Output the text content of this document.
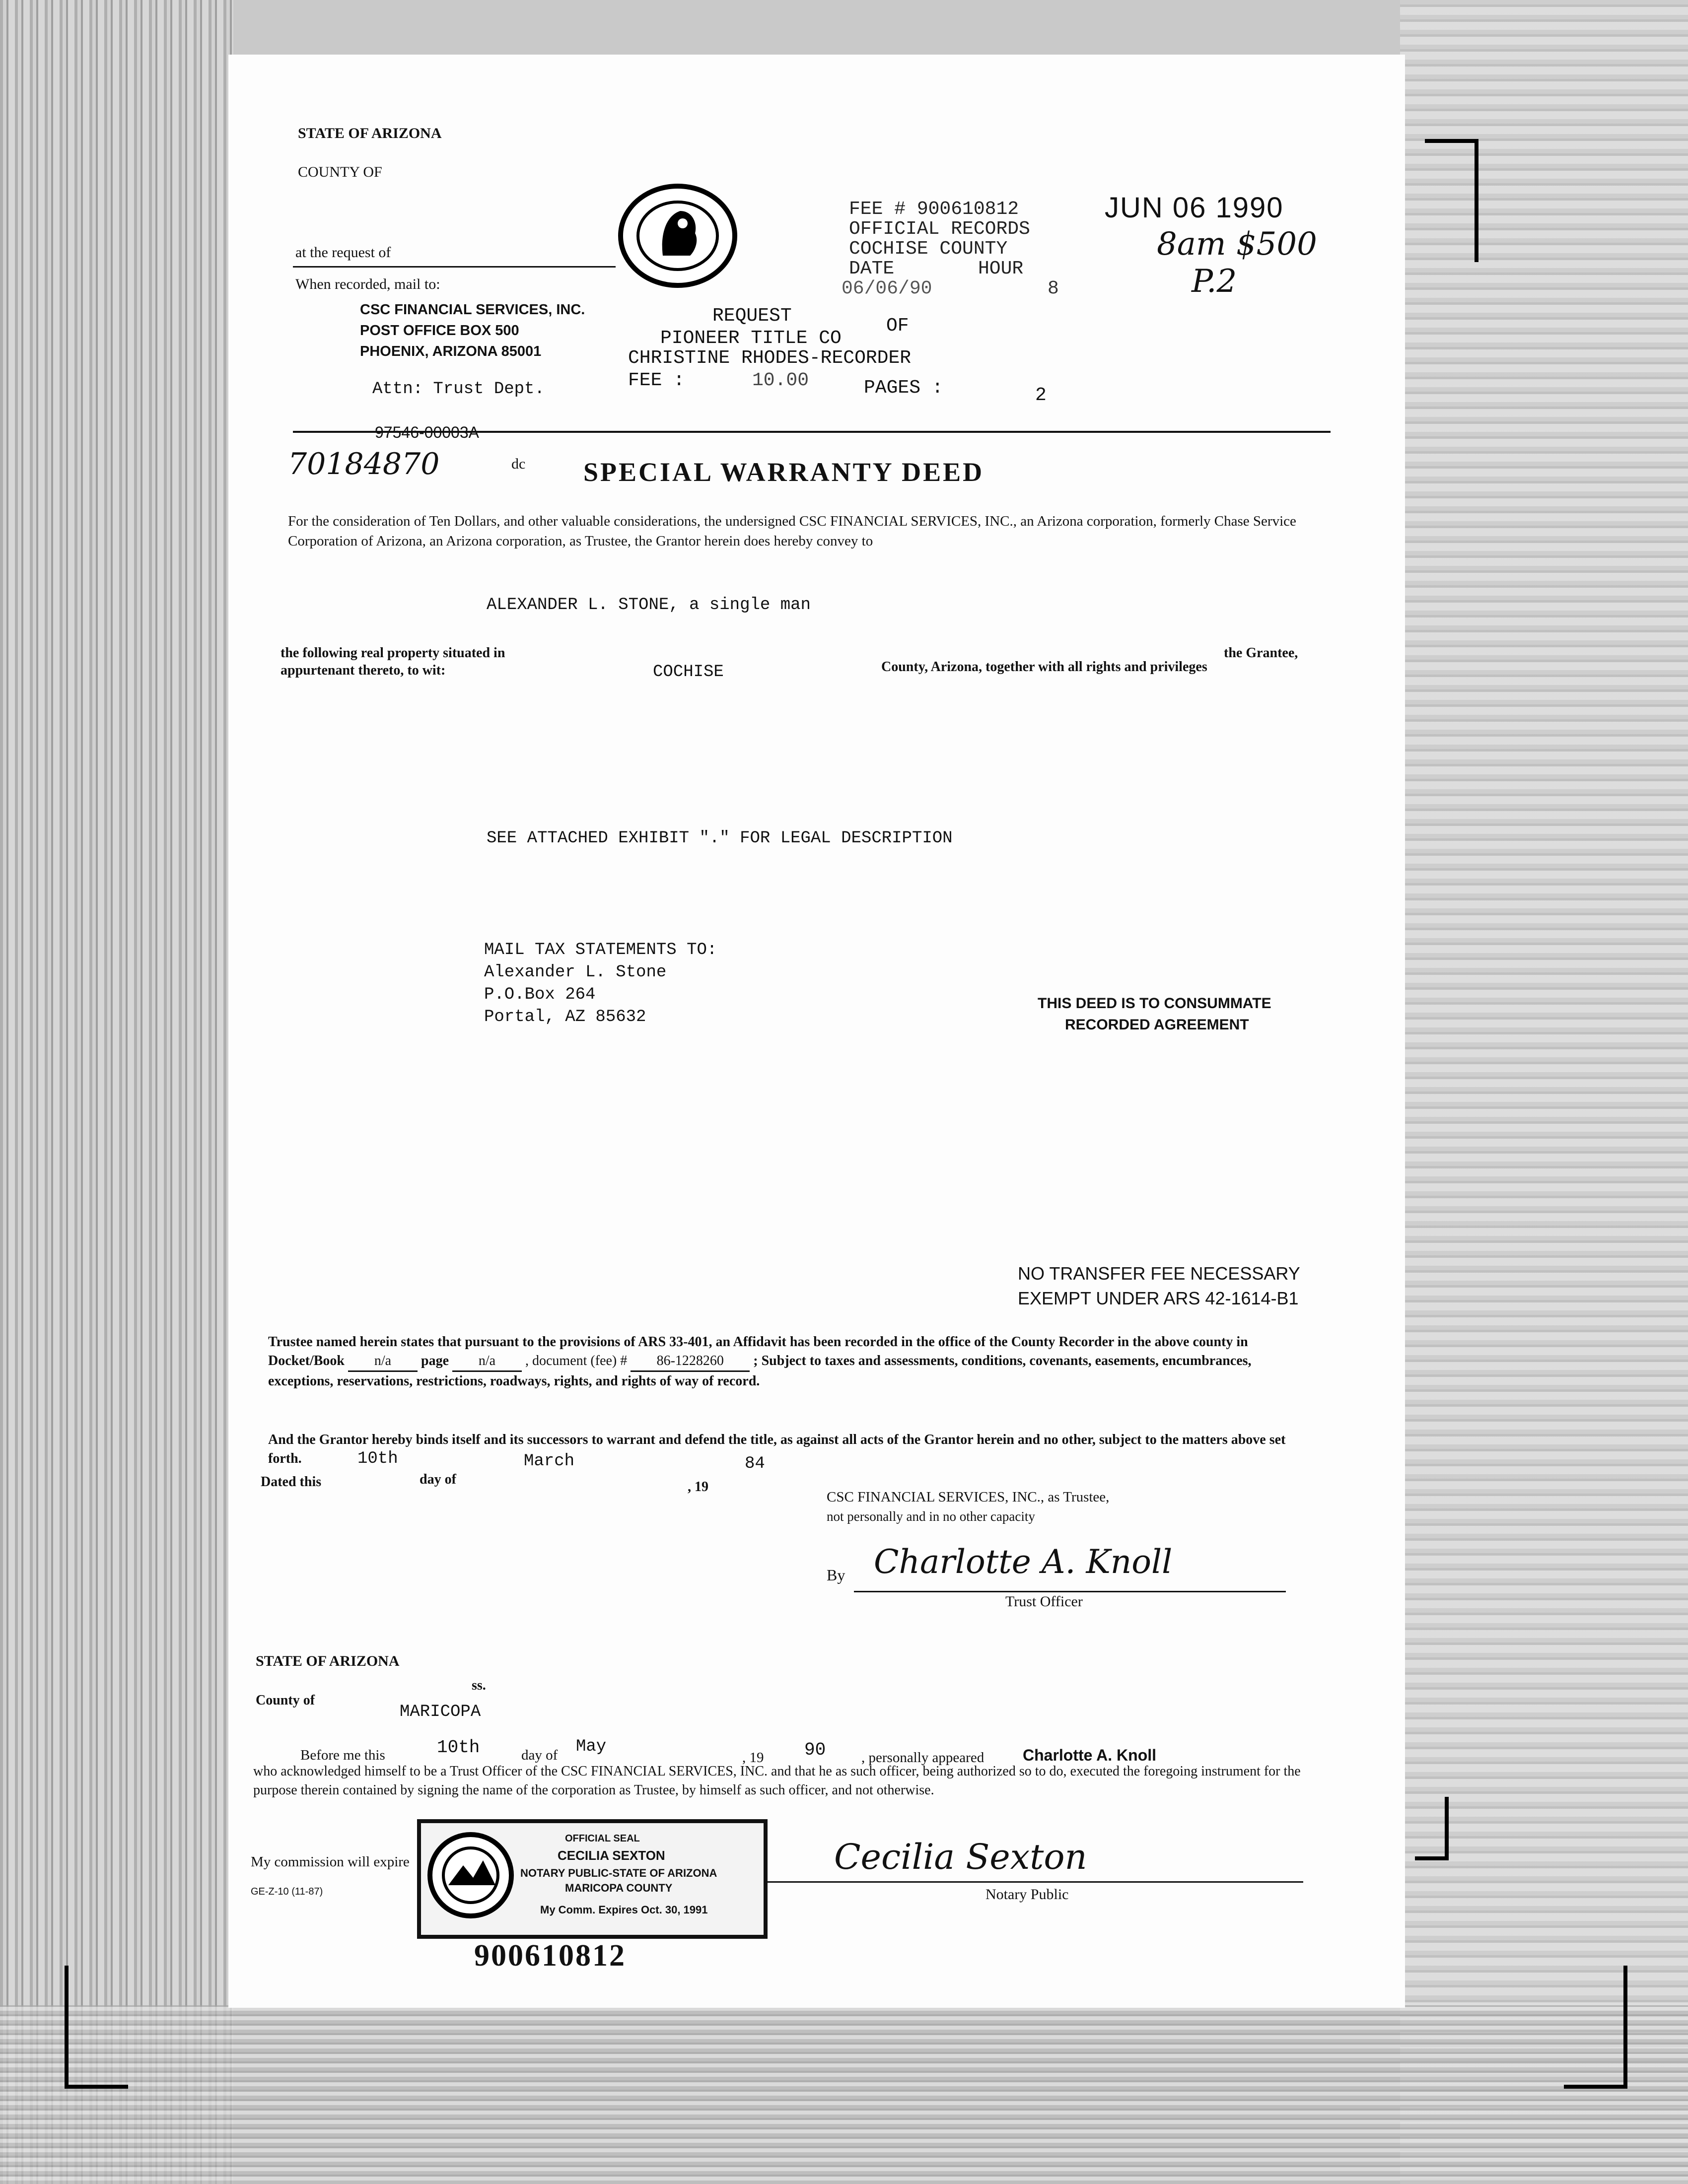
STATE OF ARIZONA
COUNTY OF
at the request of
When recorded, mail to:
CSC FINANCIAL SERVICES, INC.
POST OFFICE BOX 500
PHOENIX, ARIZONA 85001
Attn: Trust Dept.
FEE # 900610812
OFFICIAL RECORDS
COCHISE COUNTY
DATE	HOUR
06/06/90	8
REQUEST	OF
PIONEER TITLE CO
CHRISTINE RHODES-RECORDER
FEE :	10.00	PAGES :	2
JUN 06 1990
8am $500
P.2
97546-00003A
70184870	dc SPECIAL WARRANTY DEED
For the consideration of Ten Dollars, and other valuable considerations, the undersigned CSC FINANCIAL SERVICES, INC., an Arizona corporation, formerly Chase Service Corporation of Arizona, an Arizona corporation, as Trustee, the Grantor herein does hereby convey to
ALEXANDER L. STONE, a single man
the following real property situated in
appurtenant thereto, to wit:	COCHISE
the Grantee,
County, Arizona, together with all rights and privileges
SEE ATTACHED EXHIBIT "." FOR LEGAL DESCRIPTION
MAIL TAX STATEMENTS TO:
Alexander L. Stone
P.O.Box 264
Portal, AZ 85632
THIS DEED IS TO CONSUMMATE
RECORDED AGREEMENT
NO TRANSFER FEE NECESSARY
EXEMPT UNDER ARS 42-1614-B1
Trustee named herein states that pursuant to the provisions of ARS 33-401, an Affidavit has been recorded in the office of the County Recorder in the above county in Docket/Book n/a page n/a , document (fee) # 86-1228260 ; Subject to taxes and assessments, conditions, covenants, easements, encumbrances, exceptions, reservations, restrictions, roadways, rights, and rights of way of record.
And the Grantor hereby binds itself and its successors to warrant and defend the title, as against all acts of the Grantor herein and no other, subject to the matters above set forth.
Dated this
10th
day of
March
, 19
84
CSC FINANCIAL SERVICES, INC., as Trustee,
not personally and in no other capacity
By Charlotte A. Knoll
Trust Officer
STATE OF ARIZONA
ss.
County of
MARICOPA
Before me this	10th	day of May
, 19 90 , personally appeared Charlotte A. Knoll
who acknowledged himself to be a Trust Officer of the CSC FINANCIAL SERVICES, INC. and that he as such officer, being authorized so to do, executed the foregoing instrument for the purpose therein contained by signing the name of the corporation as Trustee, by himself as such officer, and not otherwise.
My commission will expire
GE-Z-10 (11-87)
OFFICIAL SEAL
CECILIA SEXTON
NOTARY PUBLIC-STATE OF ARIZONA
MARICOPA COUNTY
My Comm. Expires Oct. 30, 1991
Cecilia Sexton
Notary Public
900610812
